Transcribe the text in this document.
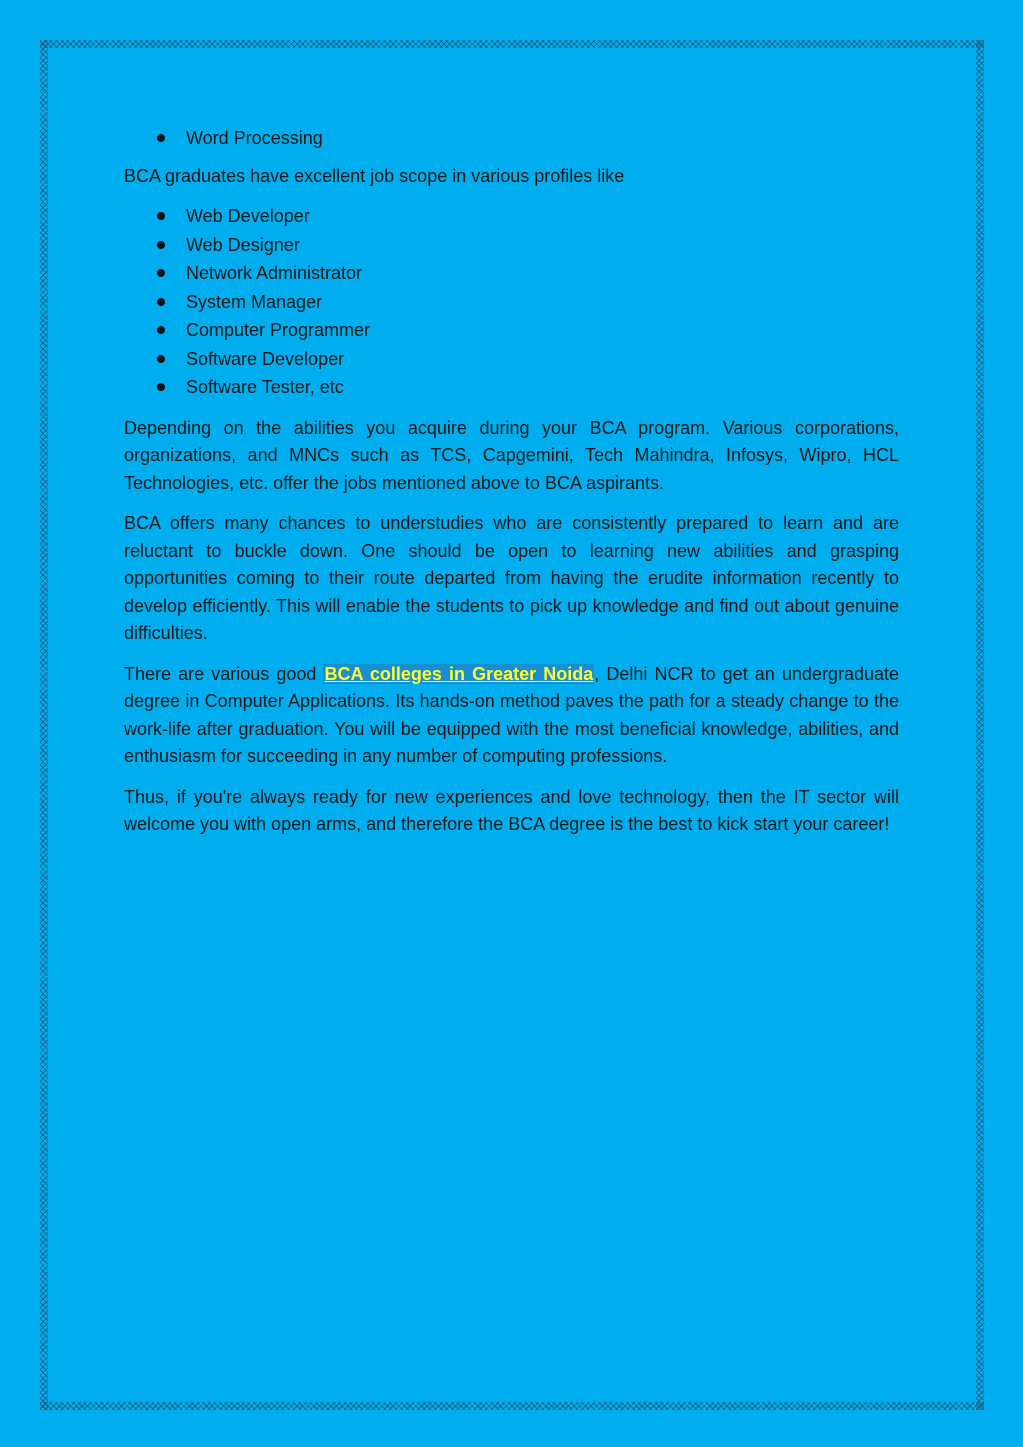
Word Processing

BCA graduates have excellent job scope in various profiles like

Web Developer
Web Designer
Network Administrator
System Manager
Computer Programmer
Software Developer
Software Tester, etc

Depending on the abilities you acquire during your BCA program. Various corporations, organizations, and MNCs such as TCS, Capgemini, Tech Mahindra, Infosys, Wipro, HCL Technologies, etc. offer the jobs mentioned above to BCA aspirants.

BCA offers many chances to understudies who are consistently prepared to learn and are reluctant to buckle down. One should be open to learning new abilities and grasping opportunities coming to their route departed from having the erudite information recently to develop efficiently. This will enable the students to pick up knowledge and find out about genuine difficulties.

There are various good BCA colleges in Greater Noida, Delhi NCR to get an undergraduate degree in Computer Applications. Its hands-on method paves the path for a steady change to the work-life after graduation. You will be equipped with the most beneficial knowledge, abilities, and enthusiasm for succeeding in any number of computing professions.

Thus, if you're always ready for new experiences and love technology, then the IT sector will welcome you with open arms, and therefore the BCA degree is the best to kick start your career!
